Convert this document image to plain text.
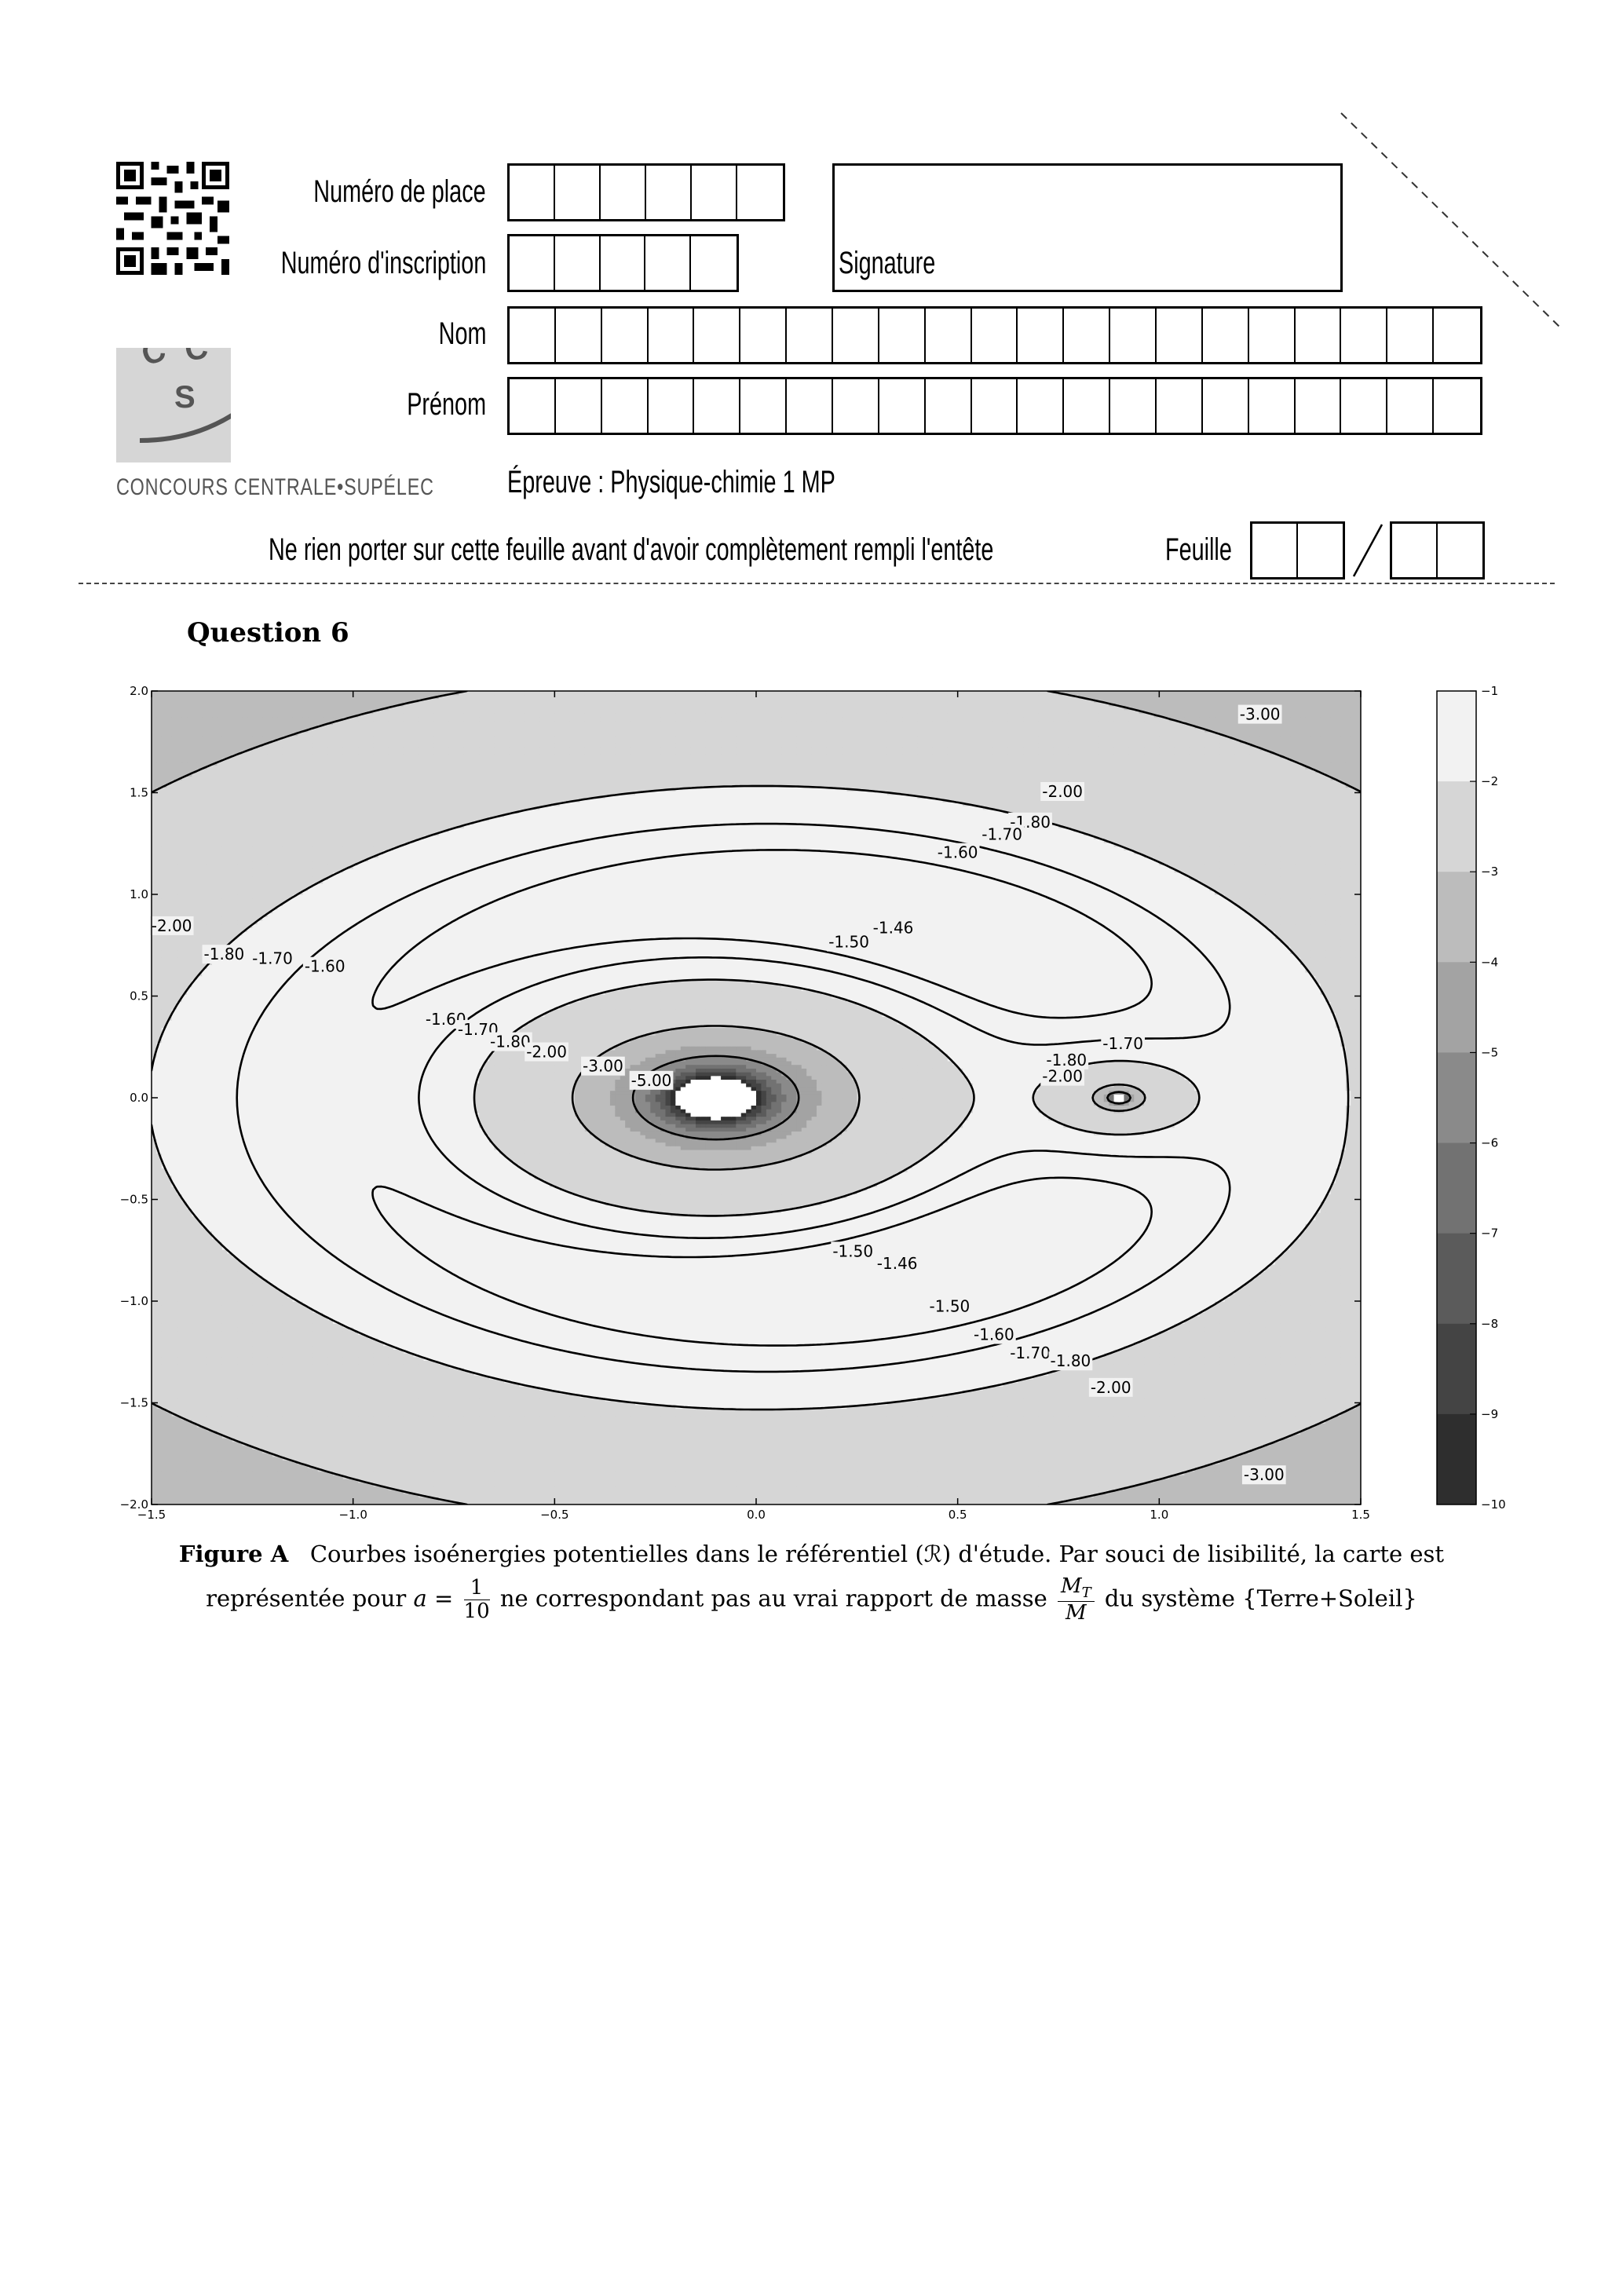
C C
S
CONCOURS CENTRALE•SUPÉLEC
Numéro de place
Numéro d'inscription
Nom
Prénom
Signature
Épreuve : Physique-chimie 1 MP
Ne rien porter sur cette feuille avant d'avoir complètement rempli l'entête	Feuille
Question 6
-3.00
-2.00
-1.80
-1.70
-1.60
-1.46
-1.50
-2.00
-1.80 -1.70 -1.60
-1.60
-1.70
-1.80
-2.00
-3.00
-5.00
-1.80
-1.70
-2.00
-1.50
-1.46
-1.50
-1.60
-1.70 -1.80
-2.00
-3.00
−1.5	−1.0	−0.5	0.0	0.5	1.0	1.5
2.0
1.5
1.0
0.5
0.0
−0.5
−1.0
−1.5
−2.0
−1
−2
−3
−4
−5
−6
−7
−8
−9
−10
Figure A Courbes isoénergies potentielles dans le référentiel (ℛ) d'étude. Par souci de lisibilité, la carte est
représentée pour $a = \frac{1}{10}$ ne correspondant pas au vrai rapport de masse $\frac{M_T}{M}$ du système {Terre+Soleil}
